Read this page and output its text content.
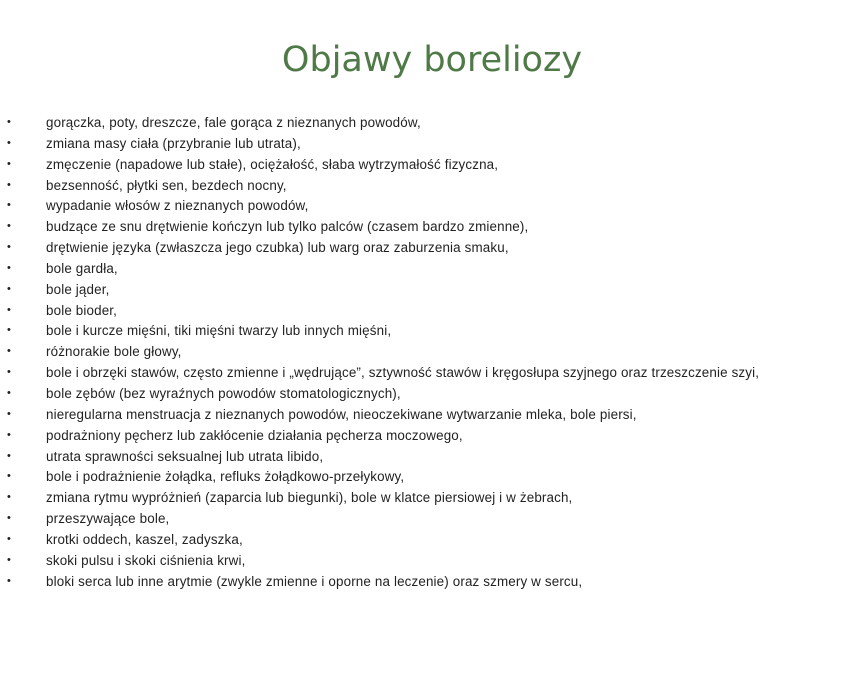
Objawy boreliozy
•	gorączka, poty, dreszcze, fale gorąca z nieznanych powodów,
•	zmiana masy ciała (przybranie lub utrata),
•	zmęczenie (napadowe lub stałe), ociężałość, słaba wytrzymałość fizyczna,
•	bezsenność, płytki sen, bezdech nocny,
•	wypadanie włosów z nieznanych powodów,
•	budzące ze snu drętwienie kończyn lub tylko palców (czasem bardzo zmienne),
•	drętwienie języka (zwłaszcza jego czubka) lub warg oraz zaburzenia smaku,
•	bole gardła,
•	bole jąder,
•	bole bioder,
•	bole i kurcze mięśni, tiki mięśni twarzy lub innych mięśni,
•	różnorakie bole głowy,
•	bole i obrzęki stawów, często zmienne i „wędrujące”, sztywność stawów i kręgosłupa szyjnego oraz trzeszczenie szyi,
•	bole zębów (bez wyraźnych powodów stomatologicznych),
•	nieregularna menstruacja z nieznanych powodów, nieoczekiwane wytwarzanie mleka, bole piersi,
•	podrażniony pęcherz lub zakłócenie działania pęcherza moczowego,
•	utrata sprawności seksualnej lub utrata libido,
•	bole i podrażnienie żołądka, refluks żołądkowo-przełykowy,
•	zmiana rytmu wypróżnień (zaparcia lub biegunki), bole w klatce piersiowej i w żebrach,
•	przeszywające bole,
•	krotki oddech, kaszel, zadyszka,
•	skoki pulsu i skoki ciśnienia krwi,
•	bloki serca lub inne arytmie (zwykle zmienne i oporne na leczenie) oraz szmery w sercu,
